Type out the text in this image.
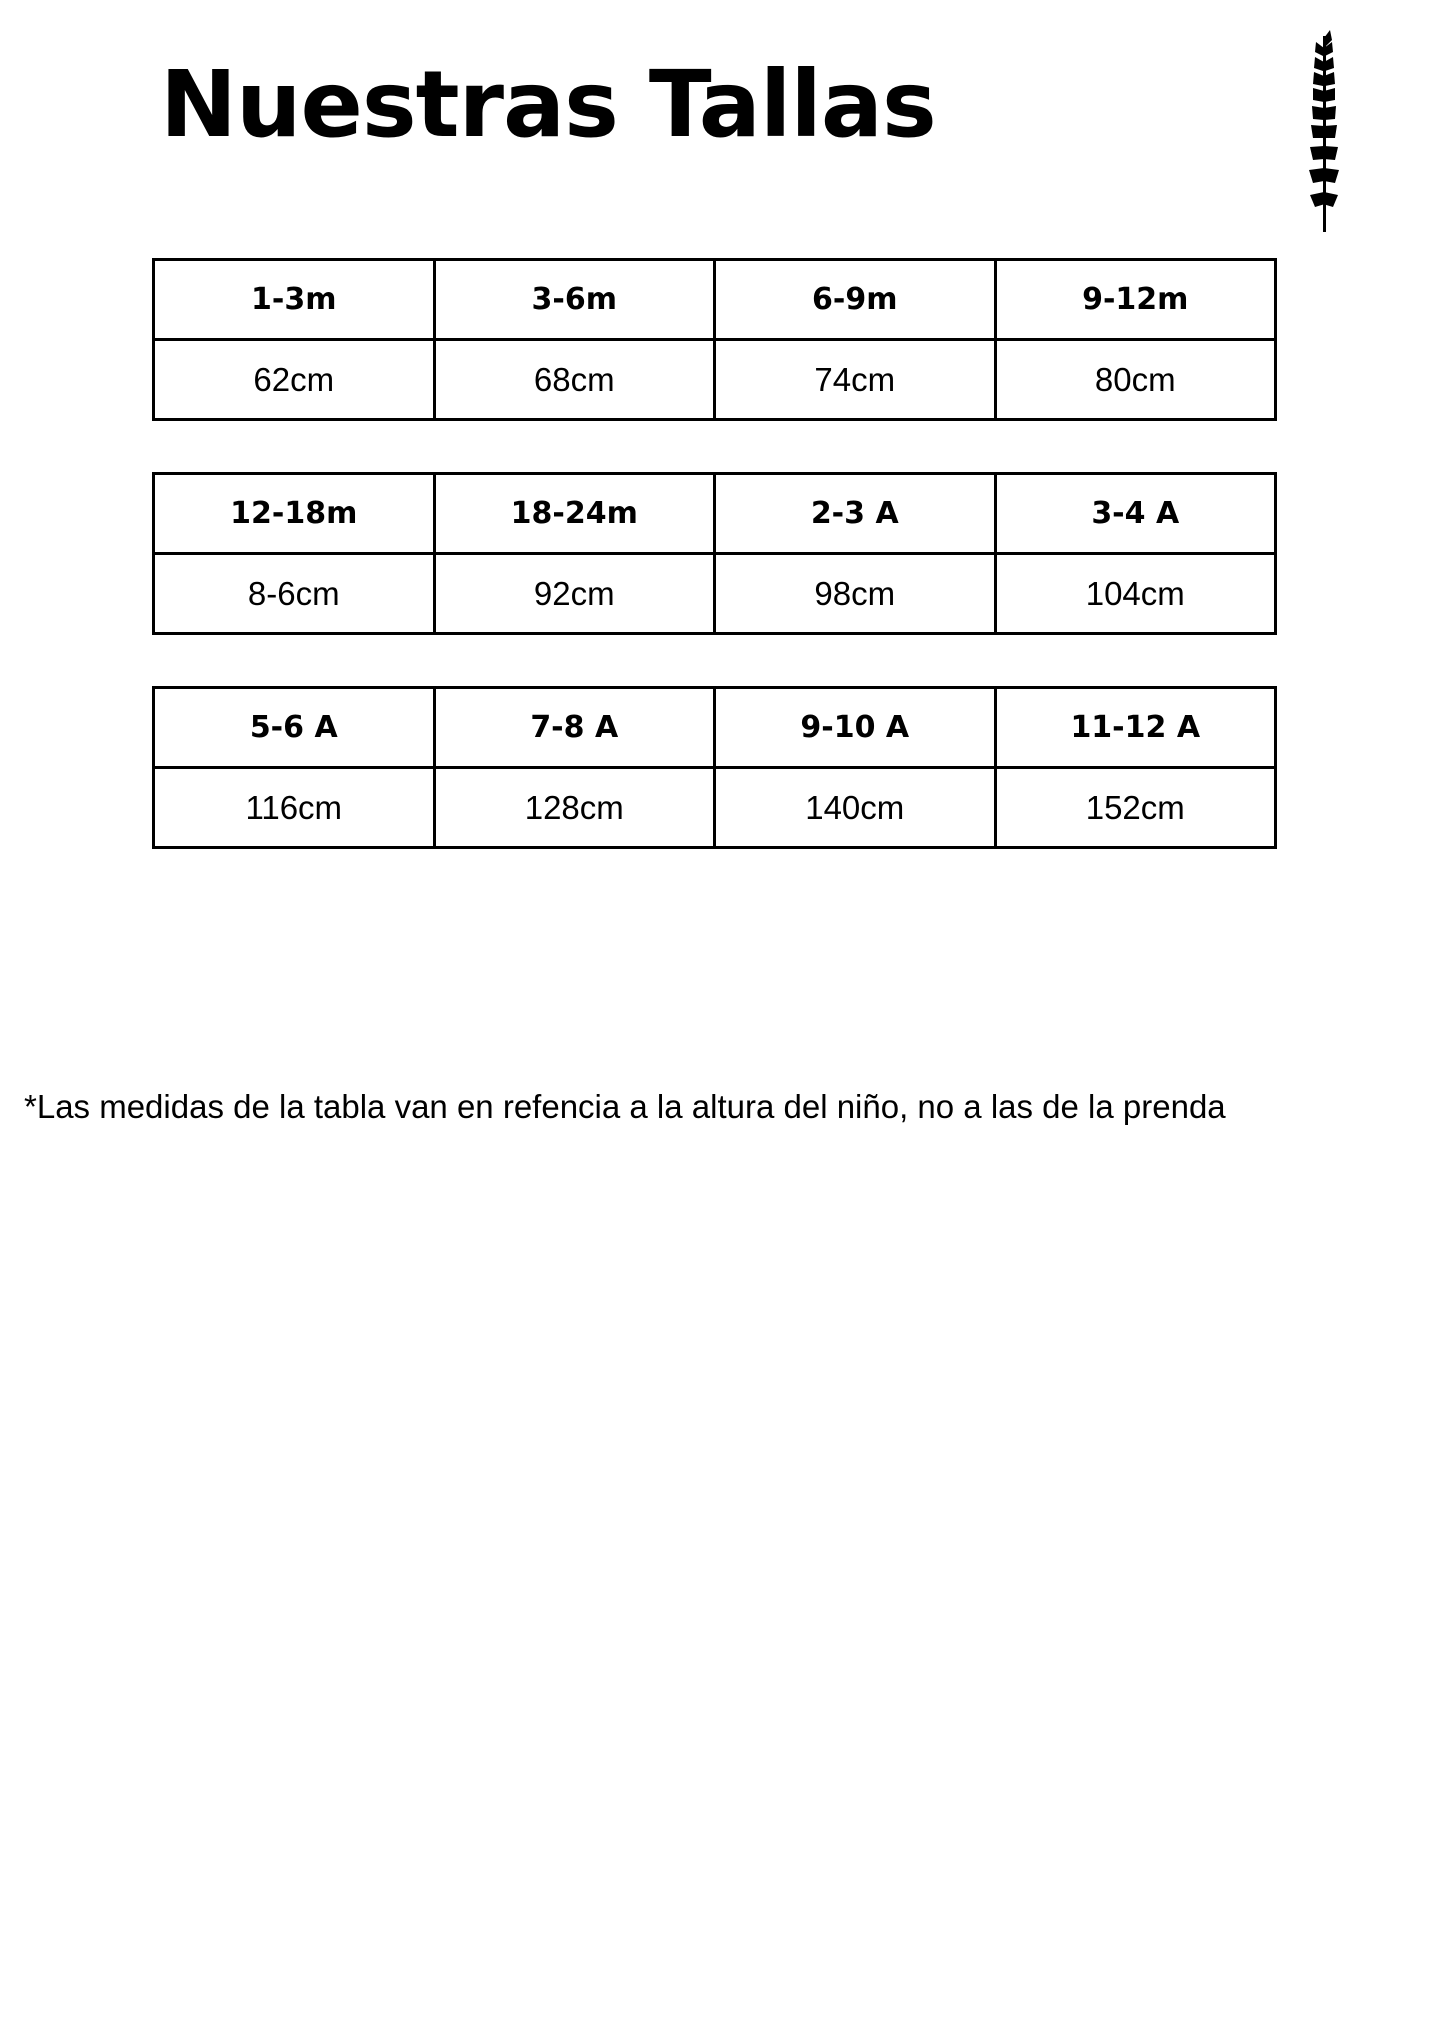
Nuestras Tallas
1-3m	3-6m	6-9m	9-12m
62cm	68cm	74cm	80cm
12-18m	18-24m	2-3 A	3-4 A
8-6cm	92cm	98cm	104cm
5-6 A	7-8 A	9-10 A	11-12 A
116cm	128cm	140cm	152cm
*Las medidas de la tabla van en refencia a la altura del niño, no a las de la prenda
